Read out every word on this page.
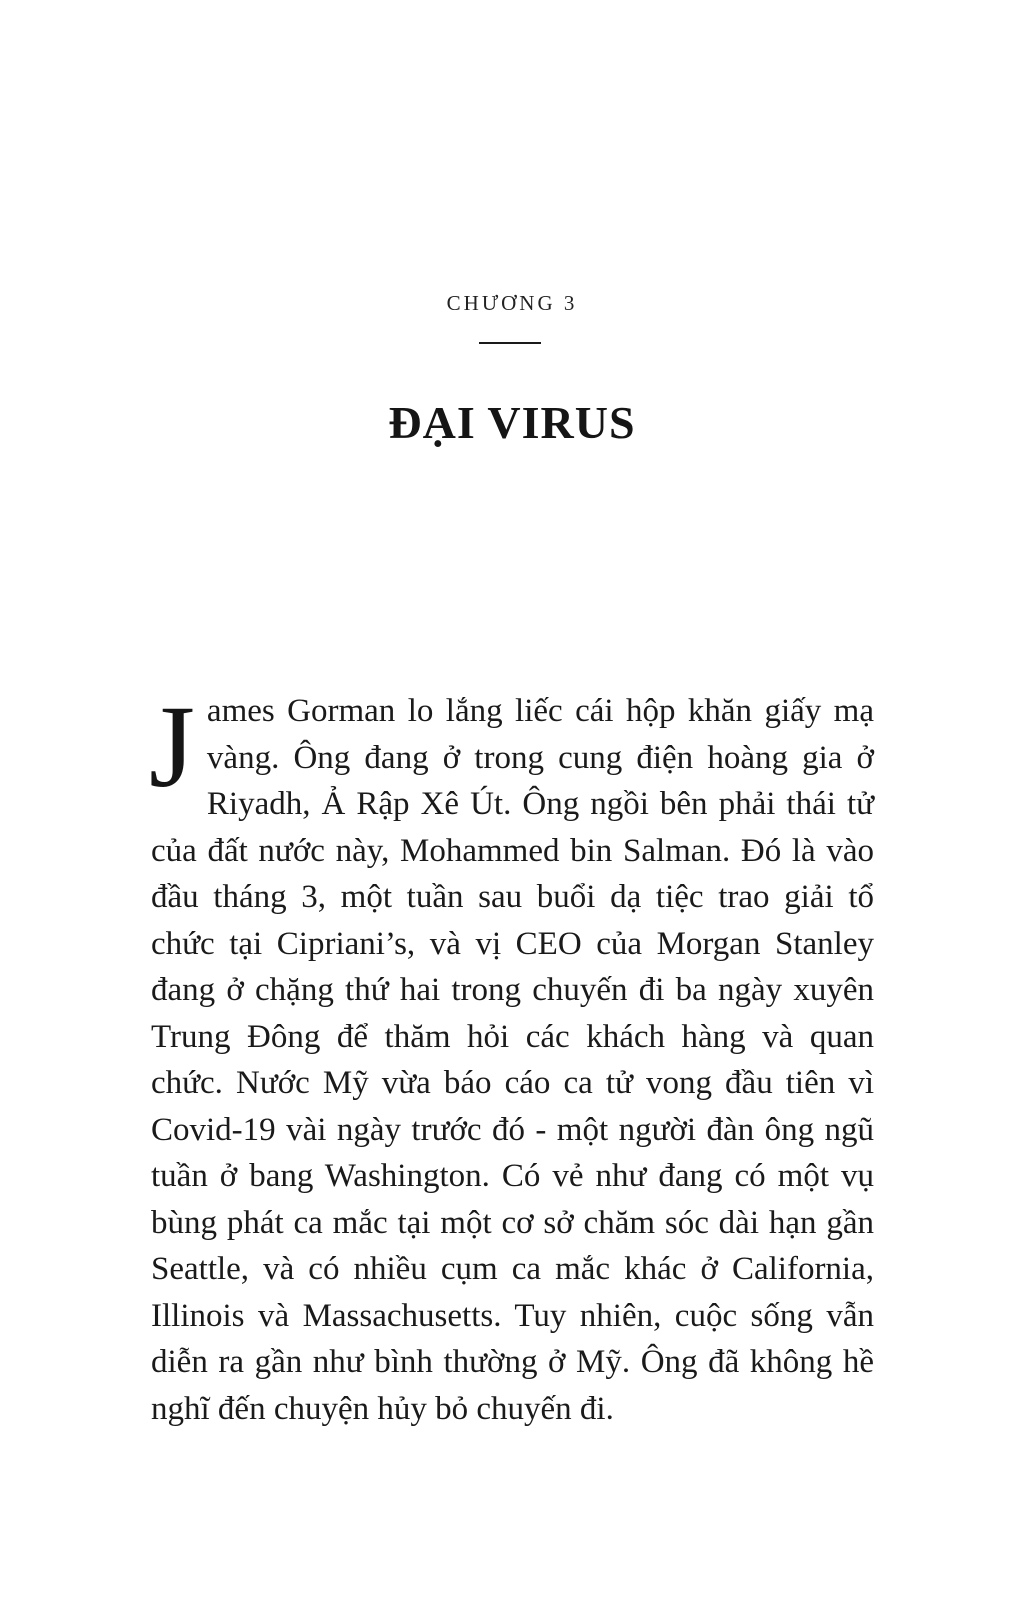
CHƯƠNG 3
ĐẠI VIRUS

James Gorman lo lắng liếc cái hộp khăn giấy mạ vàng. Ông đang ở trong cung điện hoàng gia ở Riyadh, Ả Rập Xê Út. Ông ngồi bên phải thái tử của đất nước này, Mohammed bin Salman. Đó là vào đầu tháng 3, một tuần sau buổi dạ tiệc trao giải tổ chức tại Cipriani’s, và vị CEO của Morgan Stanley đang ở chặng thứ hai trong chuyến đi ba ngày xuyên Trung Đông để thăm hỏi các khách hàng và quan chức. Nước Mỹ vừa báo cáo ca tử vong đầu tiên vì Covid-19 vài ngày trước đó - một người đàn ông ngũ tuần ở bang Washington. Có vẻ như đang có một vụ bùng phát ca mắc tại một cơ sở chăm sóc dài hạn gần Seattle, và có nhiều cụm ca mắc khác ở California, Illinois và Massachusetts. Tuy nhiên, cuộc sống vẫn diễn ra gần như bình thường ở Mỹ. Ông đã không hề nghĩ đến chuyện hủy bỏ chuyến đi.
